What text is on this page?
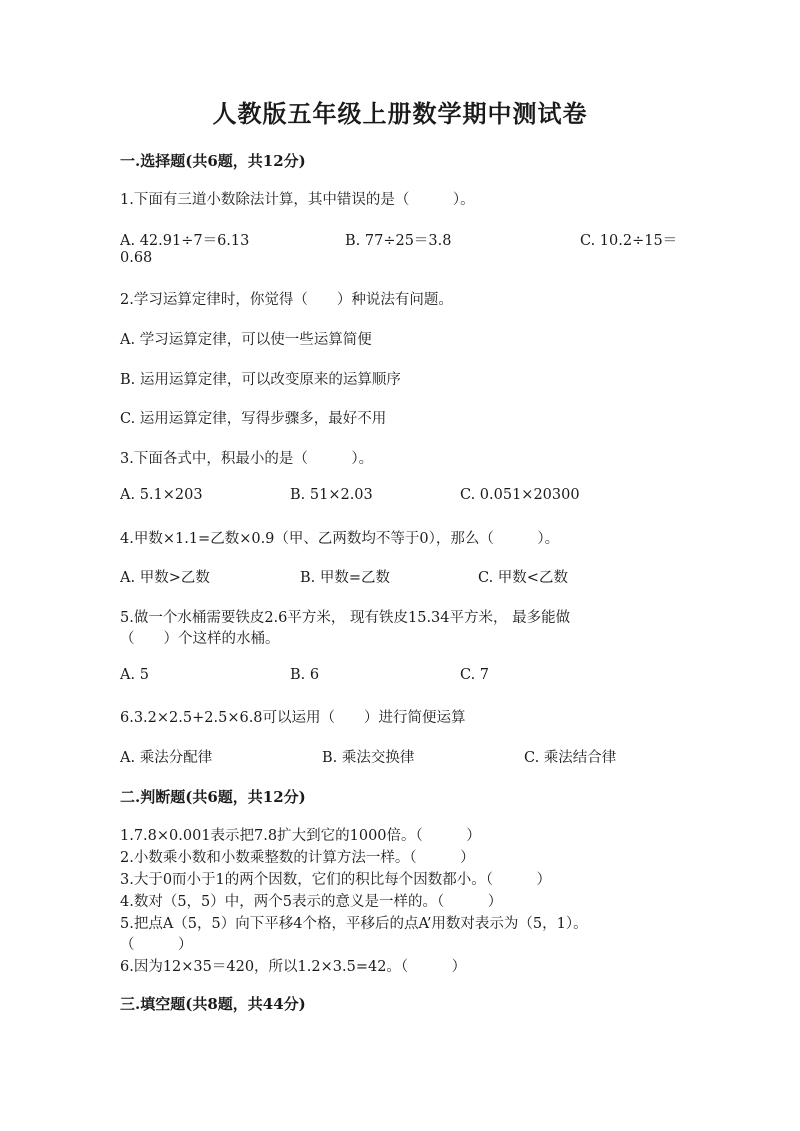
人教版五年级上册数学期中测试卷
一.选择题(共6题，共12分)
1.下面有三道小数除法计算，其中错误的是（　　　）。
A. 42.91÷7＝6.13	B. 77÷25＝3.8	C. 10.2÷15＝
0.68
2.学习运算定律时，你觉得（　　）种说法有问题。
A. 学习运算定律，可以使一些运算简便
B. 运用运算定律，可以改变原来的运算顺序
C. 运用运算定律，写得步骤多，最好不用
3.下面各式中，积最小的是（　　　）。
A. 5.1×203	B. 51×2.03	C. 0.051×20300
4.甲数×1.1=乙数×0.9（甲、乙两数均不等于0），那么（　　　）。
A. 甲数>乙数	B. 甲数=乙数	C. 甲数<乙数
5.做一个水桶需要铁皮2.6平方米， 现有铁皮15.34平方米， 最多能做
（　　）个这样的水桶。
A. 5	B. 6	C. 7
6.3.2×2.5+2.5×6.8可以运用（　　）进行简便运算
A. 乘法分配律	B. 乘法交换律	C. 乘法结合律
二.判断题(共6题，共12分)
1.7.8×0.001表示把7.8扩大到它的1000倍。（　　　）
2.小数乘小数和小数乘整数的计算方法一样。（　　　）
3.大于0而小于1的两个因数，它们的积比每个因数都小。（　　　）
4.数对（5，5）中，两个5表示的意义是一样的。（　　　）
5.把点A（5，5）向下平移4个格，平移后的点A’用数对表示为（5，1）。
（　　　）
6.因为12×35＝420，所以1.2×3.5=42。（　　　）
三.填空题(共8题，共44分)
